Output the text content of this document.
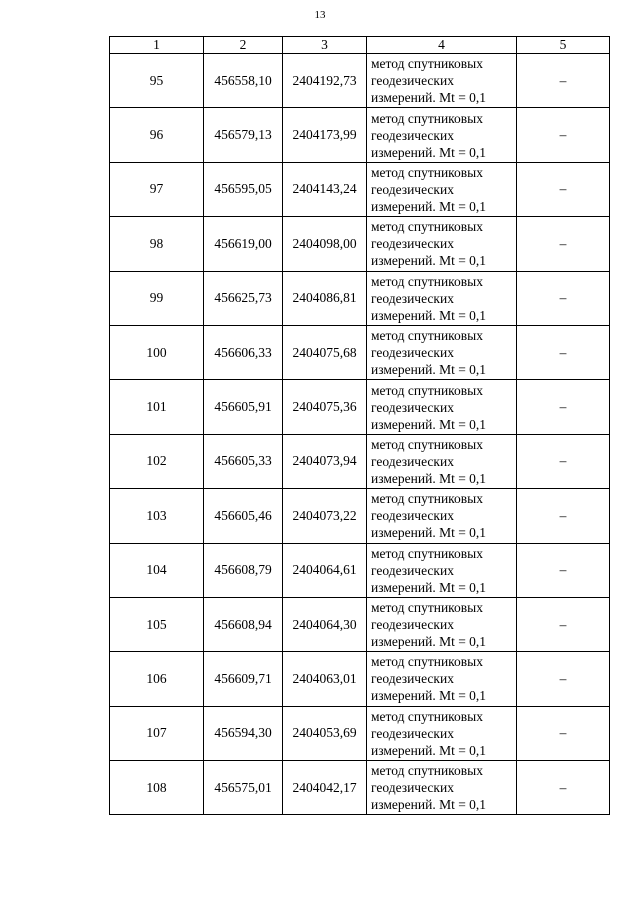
13
1	2	3	4	5
95	456558,10	2404192,73	метод спутниковых
геодезических
измерений. Mt = 0,1	–
96	456579,13	2404173,99	метод спутниковых
геодезических
измерений. Mt = 0,1	–
97	456595,05	2404143,24	метод спутниковых
геодезических
измерений. Mt = 0,1	–
98	456619,00	2404098,00	метод спутниковых
геодезических
измерений. Mt = 0,1	–
99	456625,73	2404086,81	метод спутниковых
геодезических
измерений. Mt = 0,1	–
100	456606,33	2404075,68	метод спутниковых
геодезических
измерений. Mt = 0,1	–
101	456605,91	2404075,36	метод спутниковых
геодезических
измерений. Mt = 0,1	–
102	456605,33	2404073,94	метод спутниковых
геодезических
измерений. Mt = 0,1	–
103	456605,46	2404073,22	метод спутниковых
геодезических
измерений. Mt = 0,1	–
104	456608,79	2404064,61	метод спутниковых
геодезических
измерений. Mt = 0,1	–
105	456608,94	2404064,30	метод спутниковых
геодезических
измерений. Mt = 0,1	–
106	456609,71	2404063,01	метод спутниковых
геодезических
измерений. Mt = 0,1	–
107	456594,30	2404053,69	метод спутниковых
геодезических
измерений. Mt = 0,1	–
108	456575,01	2404042,17	метод спутниковых
геодезических
измерений. Mt = 0,1	–
